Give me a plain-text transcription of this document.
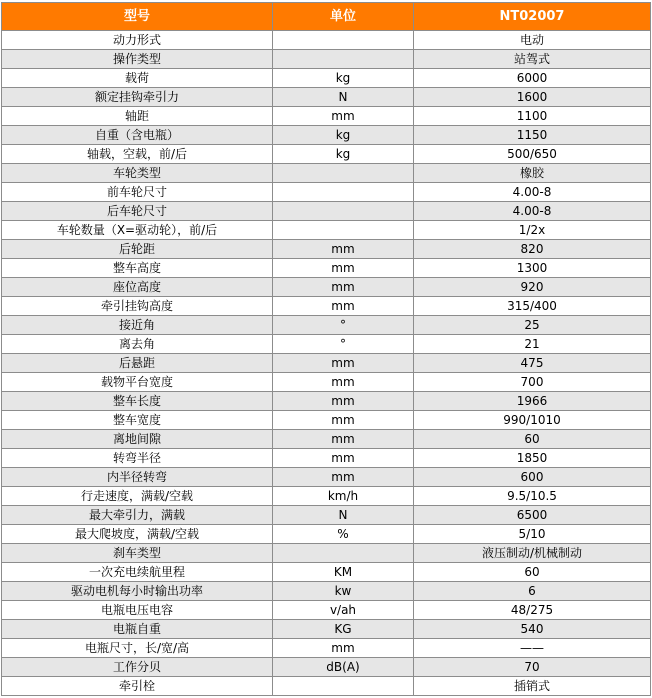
型号	单位	NT02007
动力形式		电动
操作类型		站驾式
载荷	kg	6000
额定挂钩牵引力	N	1600
轴距	mm	1100
自重（含电瓶）	kg	1150
轴载，空载，前/后	kg	500/650
车轮类型		橡胶
前车轮尺寸		4.00-8
后车轮尺寸		4.00-8
车轮数量（X=驱动轮），前/后		1/2x
后轮距	mm	820
整车高度	mm	1300
座位高度	mm	920
牵引挂钩高度	mm	315/400
接近角	°	25
离去角	°	21
后悬距	mm	475
载物平台宽度	mm	700
整车长度	mm	1966
整车宽度	mm	990/1010
离地间隙	mm	60
转弯半径	mm	1850
内半径转弯	mm	600
行走速度，满载/空载	km/h	9.5/10.5
最大牵引力，满载	N	6500
最大爬坡度，满载/空载	%	5/10
刹车类型		液压制动/机械制动
一次充电续航里程	KM	60
驱动电机每小时输出功率	kw	6
电瓶电压电容	v/ah	48/275
电瓶自重	KG	540
电瓶尺寸，长/宽/高	mm	——
工作分贝	dB(A)	70
牵引栓		插销式
